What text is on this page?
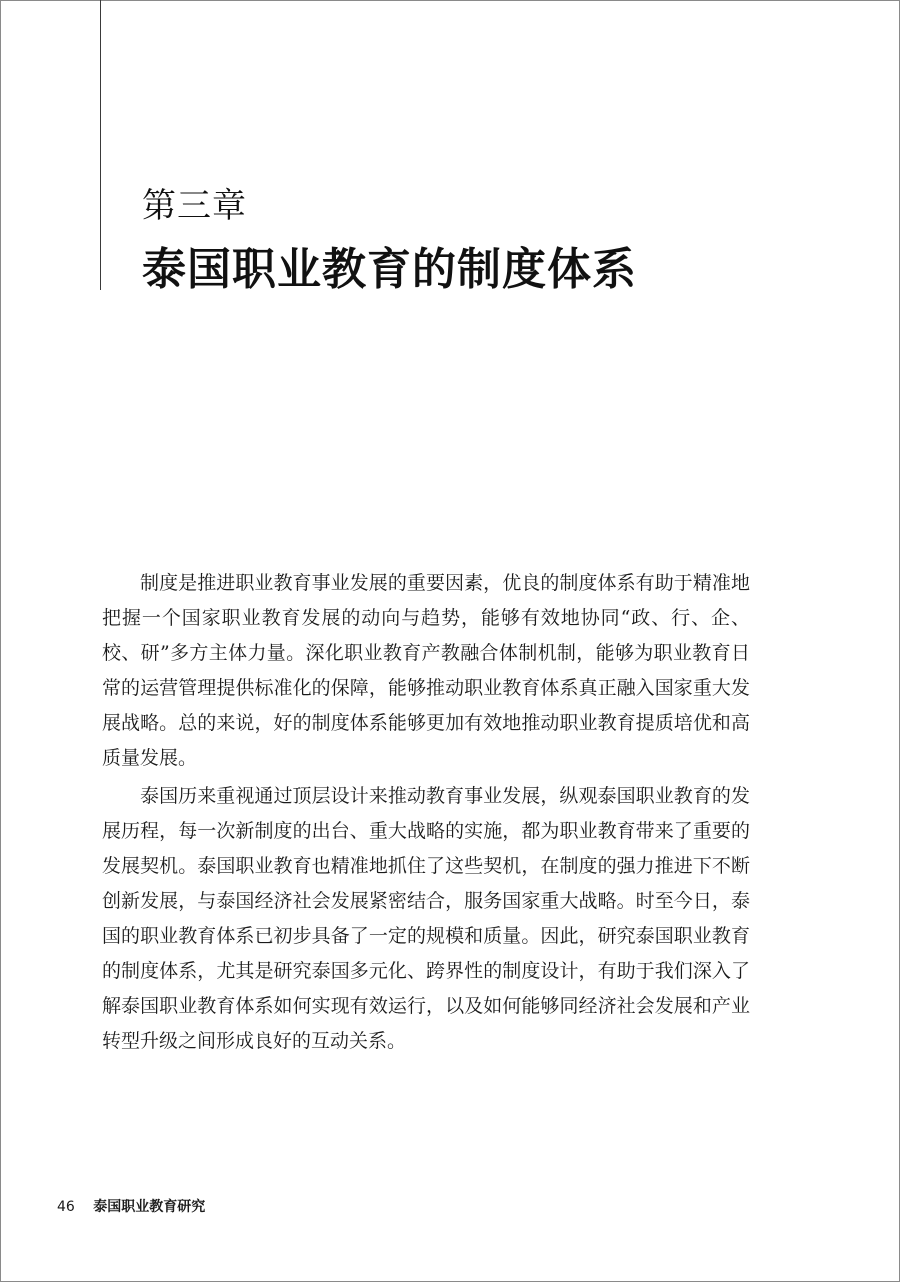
第三章
泰国职业教育的制度体系

制度是推进职业教育事业发展的重要因素，优良的制度体系有助于精准地把握一个国家职业教育发展的动向与趋势，能够有效地协同“政、行、企、校、研”多方主体力量。深化职业教育产教融合体制机制，能够为职业教育日常的运营管理提供标准化的保障，能够推动职业教育体系真正融入国家重大发展战略。总的来说，好的制度体系能够更加有效地推动职业教育提质培优和高质量发展。

泰国历来重视通过顶层设计来推动教育事业发展，纵观泰国职业教育的发展历程，每一次新制度的出台、重大战略的实施，都为职业教育带来了重要的发展契机。泰国职业教育也精准地抓住了这些契机，在制度的强力推进下不断创新发展，与泰国经济社会发展紧密结合，服务国家重大战略。时至今日，泰国的职业教育体系已初步具备了一定的规模和质量。因此，研究泰国职业教育的制度体系，尤其是研究泰国多元化、跨界性的制度设计，有助于我们深入了解泰国职业教育体系如何实现有效运行，以及如何能够同经济社会发展和产业转型升级之间形成良好的互动关系。

46 泰国职业教育研究
